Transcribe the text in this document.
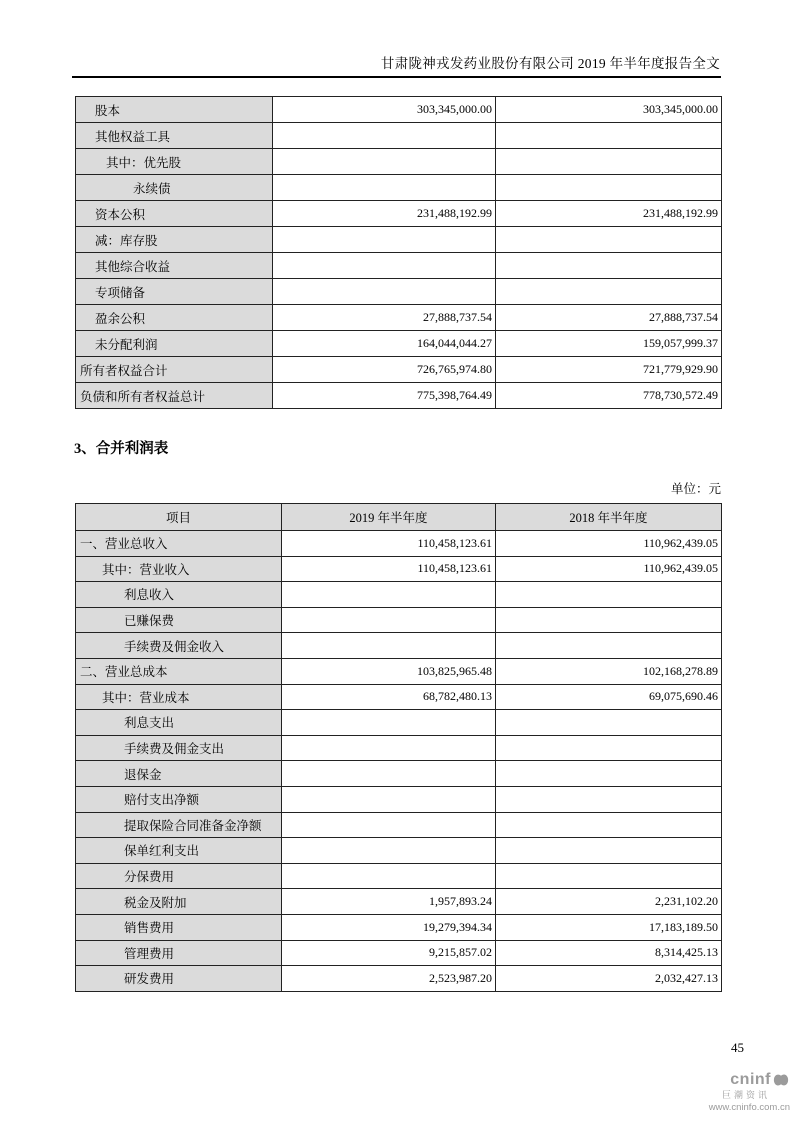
甘肃陇神戎发药业股份有限公司 2019 年半年度报告全文
股本	303,345,000.00	303,345,000.00
其他权益工具		
其中：优先股		
永续债		
资本公积	231,488,192.99	231,488,192.99
减：库存股		
其他综合收益		
专项储备		
盈余公积	27,888,737.54	27,888,737.54
未分配利润	164,044,044.27	159,057,999.37
所有者权益合计	726,765,974.80	721,779,929.90
负债和所有者权益总计	775,398,764.49	778,730,572.49
3、合并利润表
单位：元
项目	2019 年半年度	2018 年半年度
一、营业总收入	110,458,123.61	110,962,439.05
其中：营业收入	110,458,123.61	110,962,439.05
利息收入		
已赚保费		
手续费及佣金收入		
二、营业总成本	103,825,965.48	102,168,278.89
其中：营业成本	68,782,480.13	69,075,690.46
利息支出		
手续费及佣金支出		
退保金		
赔付支出净额		
提取保险合同准备金净额		
保单红利支出		
分保费用		
税金及附加	1,957,893.24	2,231,102.20
销售费用	19,279,394.34	17,183,189.50
管理费用	9,215,857.02	8,314,425.13
研发费用	2,523,987.20	2,032,427.13
45
cninf
巨潮资讯
www.cninfo.com.cn
